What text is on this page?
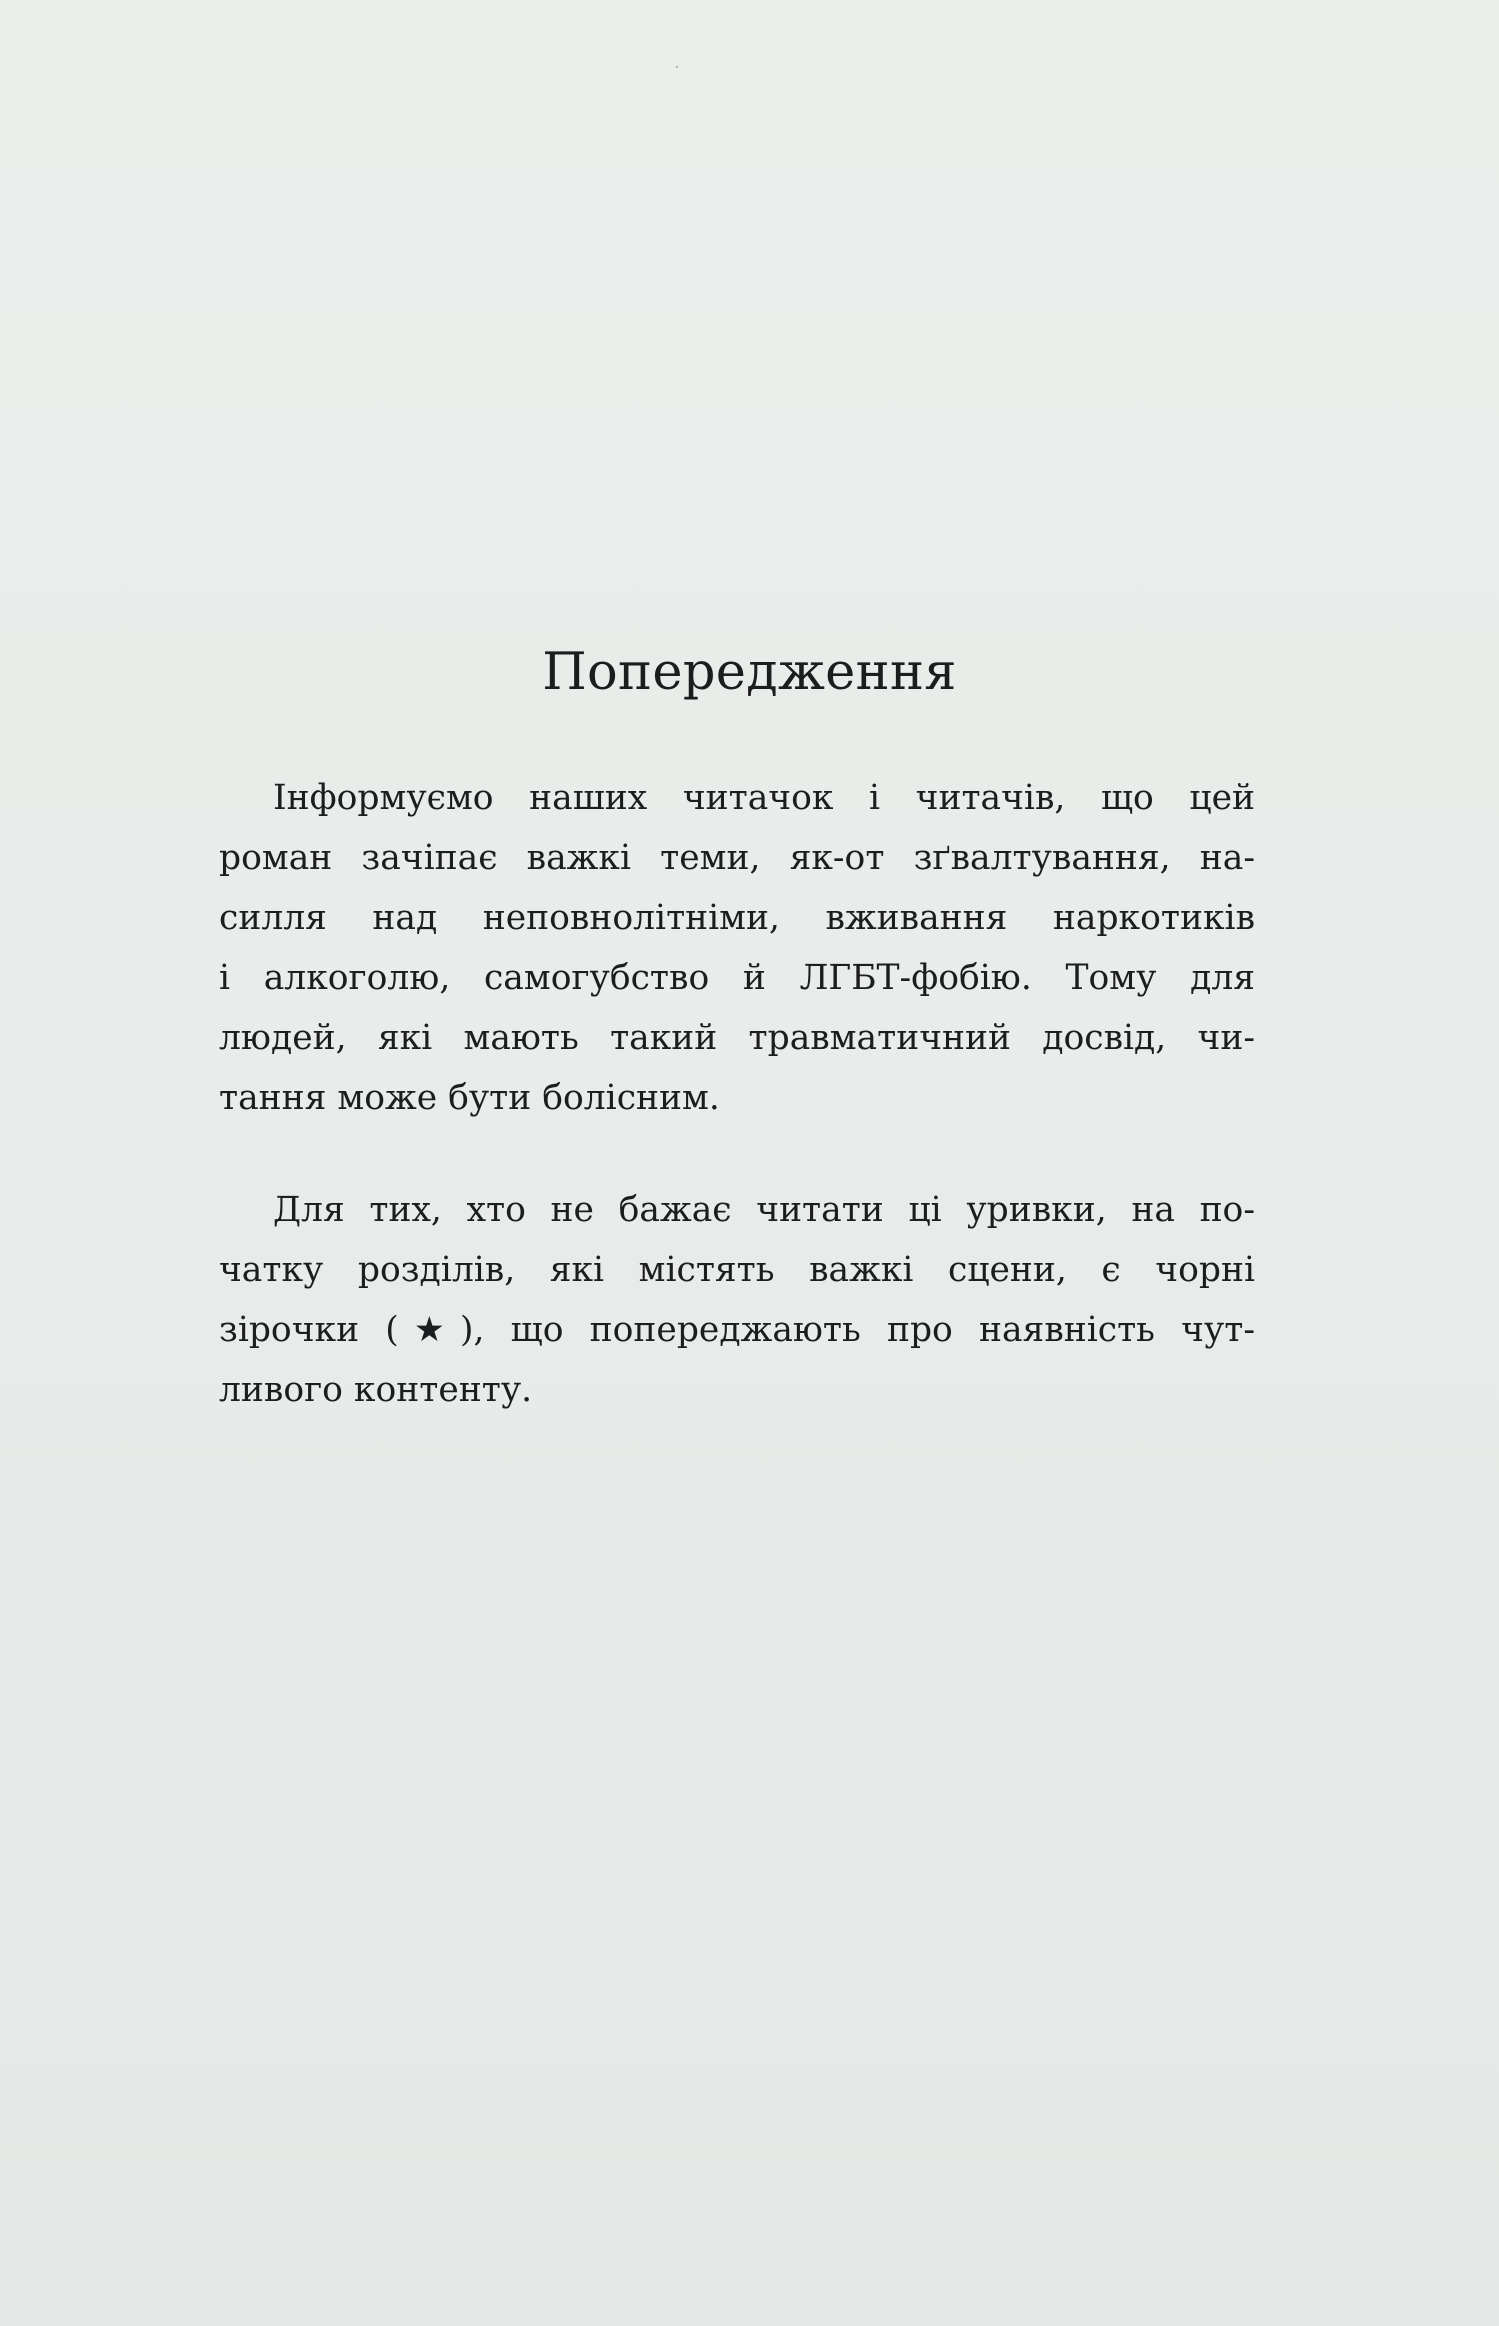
Попередження

Інформуємо наших читачок і читачів, що цей
роман зачіпає важкі теми, як-от зґвалтування, на-
силля над неповнолітніми, вживання наркотиків
і алкоголю, самогубство й ЛГБТ-фобію. Тому для
людей, які мають такий травматичний досвід, чи-
тання може бути болісним.

Для тих, хто не бажає читати ці уривки, на по-
чатку розділів, які містять важкі сцени, є чорні
зірочки (★), що попереджають про наявність чут-
ливого контенту.
